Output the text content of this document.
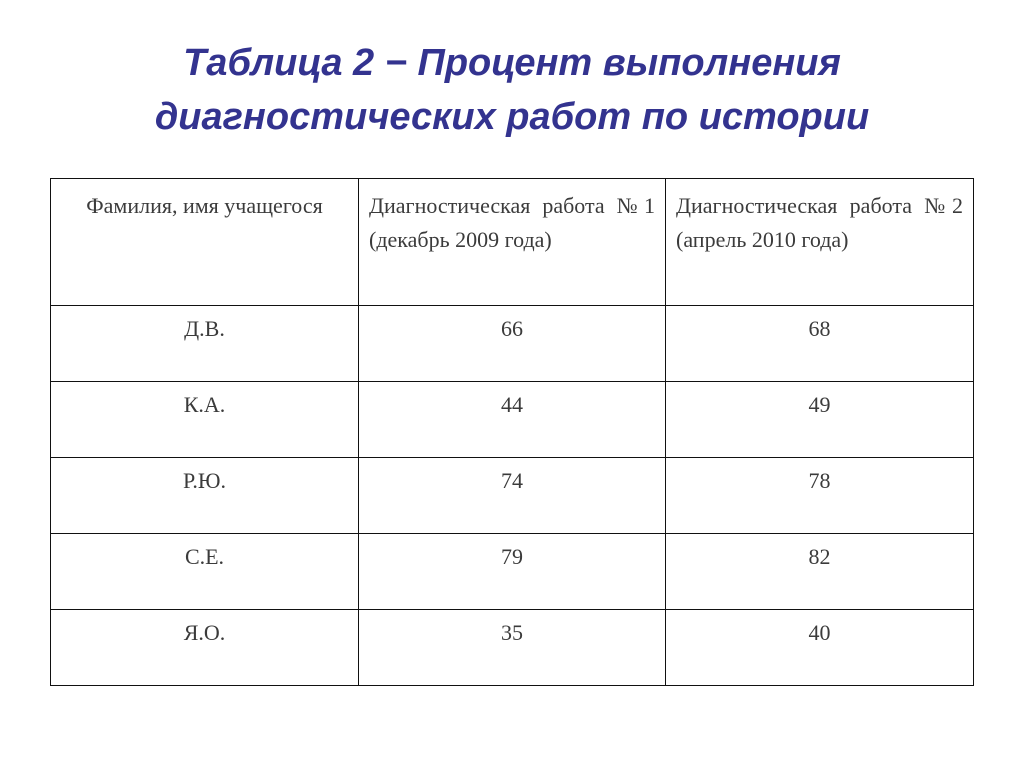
Таблица 2 − Процент выполнения
диагностических работ по истории
Фамилия, имя учащегося	Диагностическая работа №1 (декабрь 2009 года)	Диагностическая работа №2 (апрель 2010 года)
Д.В.	66	68
К.А.	44	49
Р.Ю.	74	78
С.Е.	79	82
Я.О.	35	40
